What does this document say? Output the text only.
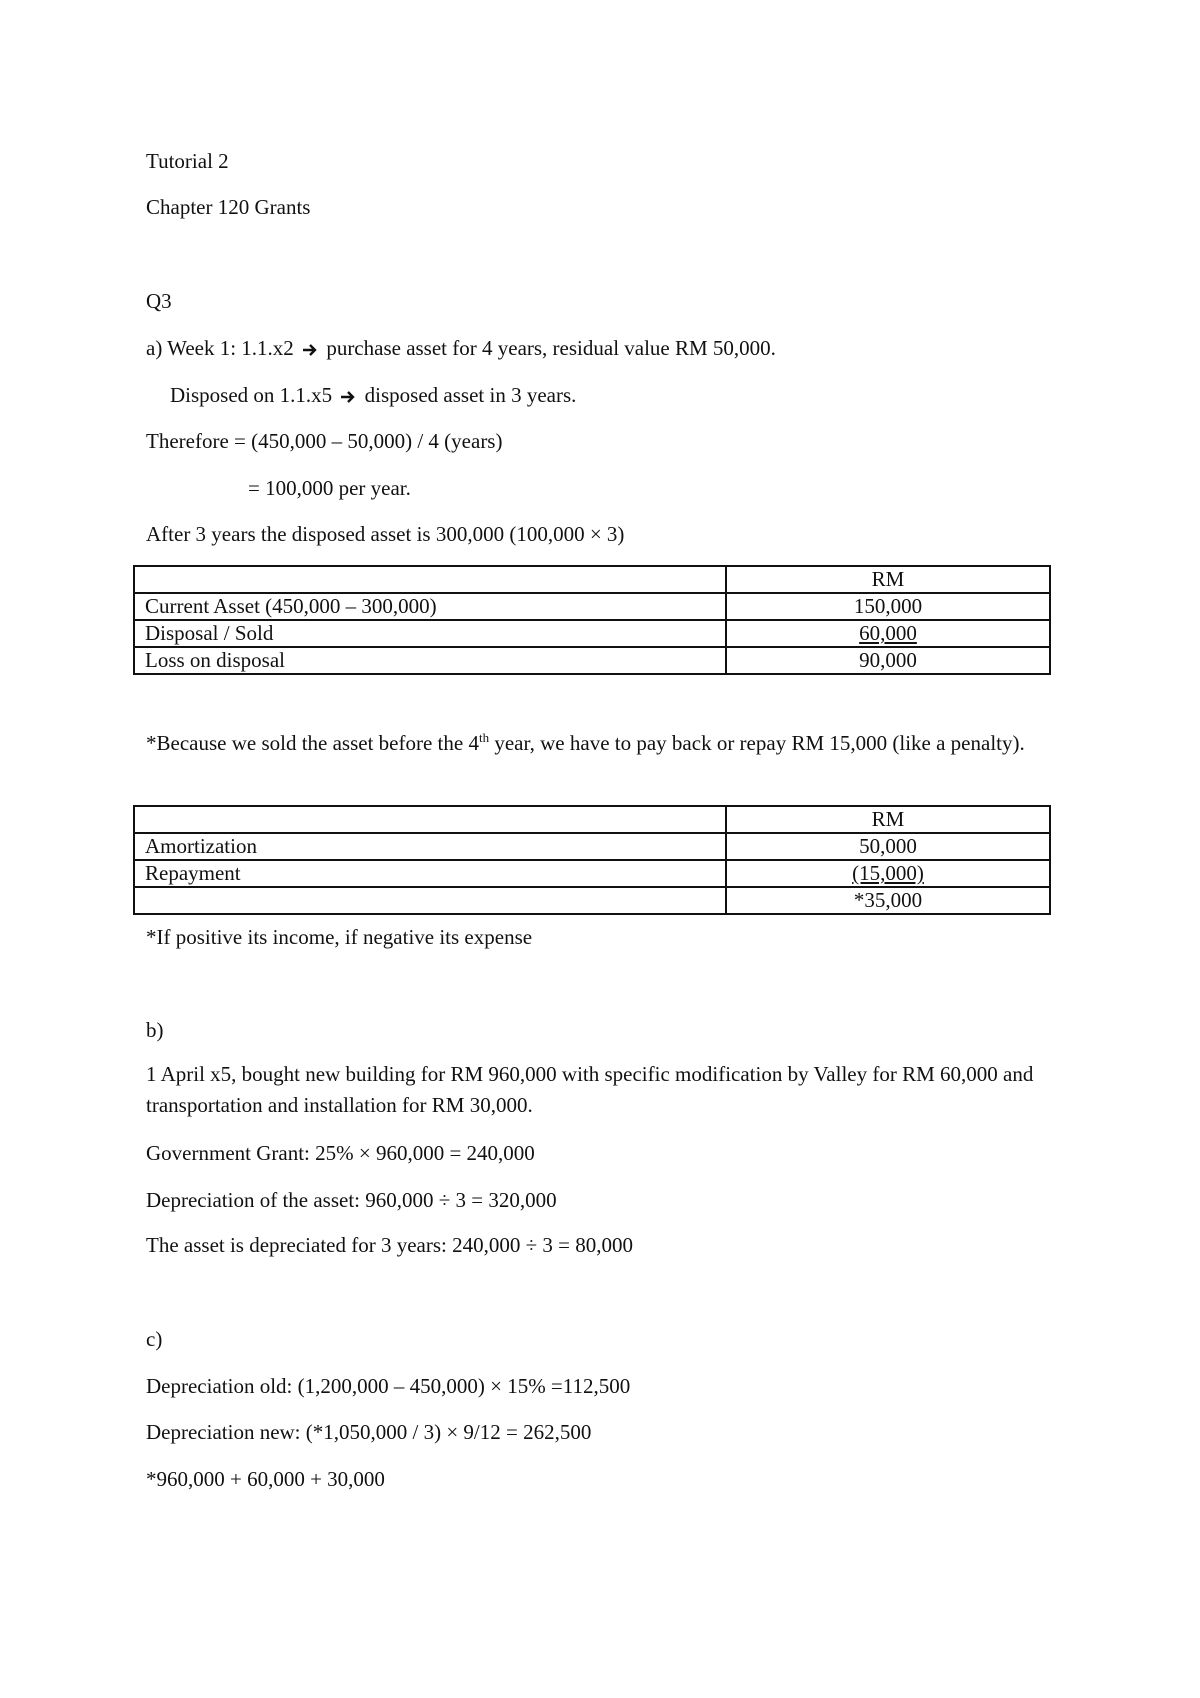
Tutorial 2
Chapter 120 Grants
Q3
a) Week 1: 1.1.x2 purchase asset for 4 years, residual value RM 50,000.
Disposed on 1.1.x5 disposed asset in 3 years.
Therefore = (450,000 – 50,000) / 4 (years)
= 100,000 per year.
After 3 years the disposed asset is 300,000 (100,000 × 3)
	RM
Current Asset (450,000 – 300,000)	150,000
Disposal / Sold	60,000
Loss on disposal	90,000
*Because we sold the asset before the 4th year, we have to pay back or repay RM 15,000 (like a penalty).
	RM
Amortization	50,000
Repayment	(15,000)
	*35,000
*If positive its income, if negative its expense
b)
1 April x5, bought new building for RM 960,000 with specific modification by Valley for RM 60,000 and transportation and installation for RM 30,000.
Government Grant: 25% × 960,000 = 240,000
Depreciation of the asset: 960,000 ÷ 3 = 320,000
The asset is depreciated for 3 years: 240,000 ÷ 3 = 80,000
c)
Depreciation old: (1,200,000 – 450,000) × 15% =112,500
Depreciation new: (*1,050,000 / 3) × 9/12 = 262,500
*960,000 + 60,000 + 30,000
